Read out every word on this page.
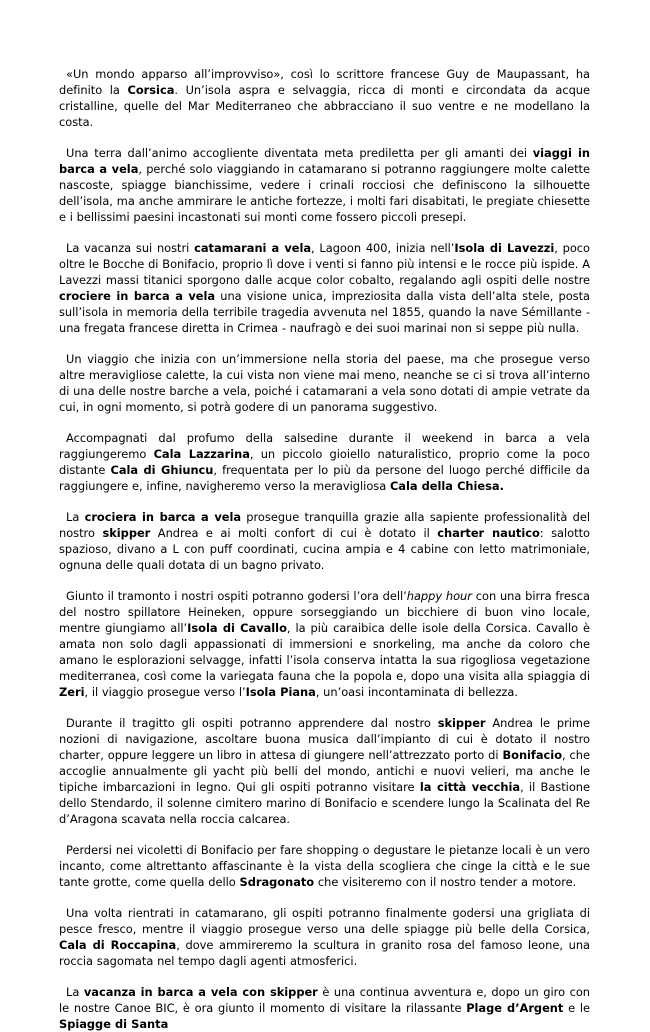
«Un mondo apparso all’improvviso», così lo scrittore francese Guy de Maupassant, ha definito la Corsica. Un’isola aspra e selvaggia, ricca di monti e circondata da acque cristalline, quelle del Mar Mediterraneo che abbracciano il suo ventre e ne modellano la costa.

Una terra dall’animo accogliente diventata meta prediletta per gli amanti dei viaggi in barca a vela, perché solo viaggiando in catamarano si potranno raggiungere molte calette nascoste, spiagge bianchissime, vedere i crinali rocciosi che definiscono la silhouette dell’isola, ma anche ammirare le antiche fortezze, i molti fari disabitati, le pregiate chiesette e i bellissimi paesini incastonati sui monti come fossero piccoli presepi.

La vacanza sui nostri catamarani a vela, Lagoon 400, inizia nell’Isola di Lavezzi, poco oltre le Bocche di Bonifacio, proprio lì dove i venti si fanno più intensi e le rocce più ispide. A Lavezzi massi titanici sporgono dalle acque color cobalto, regalando agli ospiti delle nostre crociere in barca a vela una visione unica, impreziosita dalla vista dell’alta stele, posta sull’isola in memoria della terribile tragedia avvenuta nel 1855, quando la nave Sémillante - una fregata francese diretta in Crimea - naufragò e dei suoi marinai non si seppe più nulla.

Un viaggio che inizia con un’immersione nella storia del paese, ma che prosegue verso altre meravigliose calette, la cui vista non viene mai meno, neanche se ci si trova all’interno di una delle nostre barche a vela, poiché i catamarani a vela sono dotati di ampie vetrate da cui, in ogni momento, si potrà godere di un panorama suggestivo.

Accompagnati dal profumo della salsedine durante il weekend in barca a vela raggiungeremo Cala Lazzarina, un piccolo gioiello naturalistico, proprio come la poco distante Cala di Ghiuncu, frequentata per lo più da persone del luogo perché difficile da raggiungere e, infine, navigheremo verso la meravigliosa Cala della Chiesa.

La crociera in barca a vela prosegue tranquilla grazie alla sapiente professionalità del nostro skipper Andrea e ai molti confort di cui è dotato il charter nautico: salotto spazioso, divano a L con puff coordinati, cucina ampia e 4 cabine con letto matrimoniale, ognuna delle quali dotata di un bagno privato.

Giunto il tramonto i nostri ospiti potranno godersi l’ora dell’happy hour con una birra fresca del nostro spillatore Heineken, oppure sorseggiando un bicchiere di buon vino locale, mentre giungiamo all’Isola di Cavallo, la più caraibica delle isole della Corsica. Cavallo è amata non solo dagli appassionati di immersioni e snorkeling, ma anche da coloro che amano le esplorazioni selvagge, infatti l’isola conserva intatta la sua rigogliosa vegetazione mediterranea, così come la variegata fauna che la popola e, dopo una visita alla spiaggia di Zeri, il viaggio prosegue verso l’Isola Piana, un’oasi incontaminata di bellezza.

Durante il tragitto gli ospiti potranno apprendere dal nostro skipper Andrea le prime nozioni di navigazione, ascoltare buona musica dall’impianto di cui è dotato il nostro charter, oppure leggere un libro in attesa di giungere nell’attrezzato porto di Bonifacio, che accoglie annualmente gli yacht più belli del mondo, antichi e nuovi velieri, ma anche le tipiche imbarcazioni in legno. Qui gli ospiti potranno visitare la città vecchia, il Bastione dello Stendardo, il solenne cimitero marino di Bonifacio e scendere lungo la Scalinata del Re d’Aragona scavata nella roccia calcarea.

Perdersi nei vicoletti di Bonifacio per fare shopping o degustare le pietanze locali è un vero incanto, come altrettanto affascinante è la vista della scogliera che cinge la città e le sue tante grotte, come quella dello Sdragonato che visiteremo con il nostro tender a motore.

Una volta rientrati in catamarano, gli ospiti potranno finalmente godersi una grigliata di pesce fresco, mentre il viaggio prosegue verso una delle spiagge più belle della Corsica, Cala di Roccapina, dove ammireremo la scultura in granito rosa del famoso leone, una roccia sagomata nel tempo dagli agenti atmosferici.

La vacanza in barca a vela con skipper è una continua avventura e, dopo un giro con le nostre Canoe BIC, è ora giunto il momento di visitare la rilassante Plage d’Argent e le Spiagge di Santa
